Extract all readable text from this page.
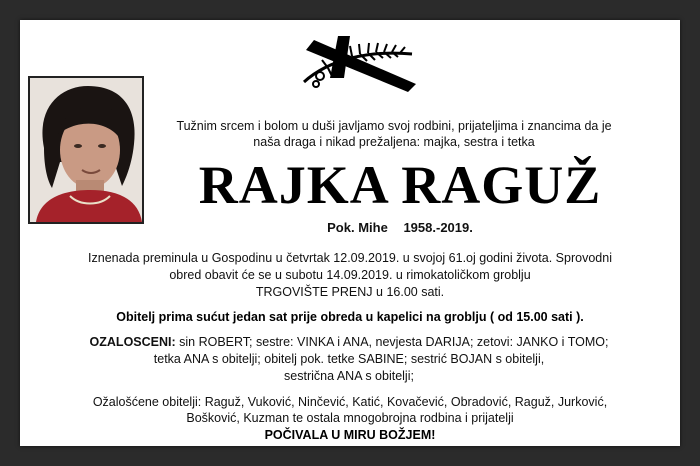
Tužnim srcem i bolom u duši javljamo svoj rodbini, prijateljima i znancima da je
naša draga i nikad prežaljena: majka, sestra i tetka
RAJKA RAGUŽ
Pok. Mihe 1958.-2019.
Iznenada preminula u Gospodinu u četvrtak 12.09.2019. u svojoj 61.oj godini života. Sprovodni
obred obavit će se u subotu 14.09.2019. u rimokatoličkom groblju
TRGOVIŠTE PRENJ u 16.00 sati.
Obitelj prima sućut jedan sat prije obreda u kapelici na groblju ( od 15.00 sati ).
OZALOSCENI: sin ROBERT; sestre: VINKA i ANA, nevjesta DARIJA; zetovi: JANKO i TOMO;
tetka ANA s obitelji; obitelj pok. tetke SABINE; sestrić BOJAN s obitelji,
sestrična ANA s obitelji;
Ožalošćene obitelji: Raguž, Vuković, Ninčević, Katić, Kovačević, Obradović, Raguž, Jurković,
Bošković, Kuzman te ostala mnogobrojna rodbina i prijatelji
POČIVALA U MIRU BOŽJEM!
